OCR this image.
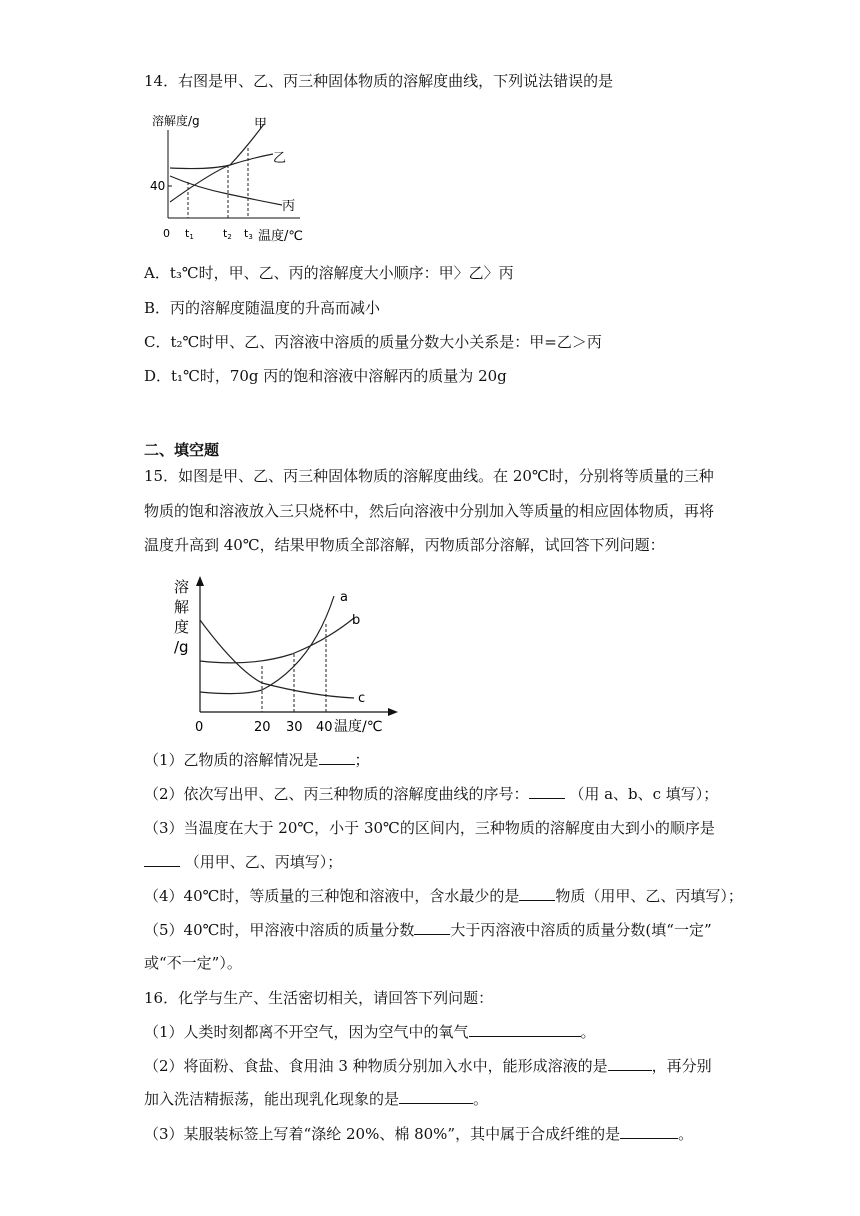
14．右图是甲、乙、丙三种固体物质的溶解度曲线，下列说法错误的是
溶解度/g	甲
40
乙
丙
0 t1	t2 t3 温度/℃
A．t₃℃时，甲、乙、丙的溶解度大小顺序：甲〉乙〉丙
B．丙的溶解度随温度的升高而减小
C．t₂℃时甲、乙、丙溶液中溶质的质量分数大小关系是：甲=乙＞丙
D．t₁℃时，70g 丙的饱和溶液中溶解丙的质量为 20g
二、填空题
15．如图是甲、乙、丙三种固体物质的溶解度曲线。在 20℃时，分别将等质量的三种
物质的饱和溶液放入三只烧杯中，然后向溶液中分别加入等质量的相应固体物质，再将
温度升高到 40℃，结果甲物质全部溶解，丙物质部分溶解，试回答下列问题：
溶
解
度
/g
a
b
c
0	20 30 40 温度/℃
（1）乙物质的溶解情况是 ；
（2）依次写出甲、乙、丙三种物质的溶解度曲线的序号：	（用 a、b、c 填写）；
（3）当温度在大于 20℃，小于 30℃的区间内，三种物质的溶解度由大到小的顺序是
（用甲、乙、丙填写）；
（4）40℃时，等质量的三种饱和溶液中，含水最少的是 物质（用甲、乙、丙填写）；
（5）40℃时，甲溶液中溶质的质量分数 大于丙溶液中溶质的质量分数(填“一定”
或“不一定”）。
16．化学与生产、生活密切相关，请回答下列问题：
（1）人类时刻都离不开空气，因为空气中的氧气	。
（2）将面粉、食盐、食用油 3 种物质分别加入水中，能形成溶液的是	，再分别
加入洗洁精振荡，能出现乳化现象的是	。
（3）某服装标签上写着“涤纶 20%、棉 80%”，其中属于合成纤维的是	。
